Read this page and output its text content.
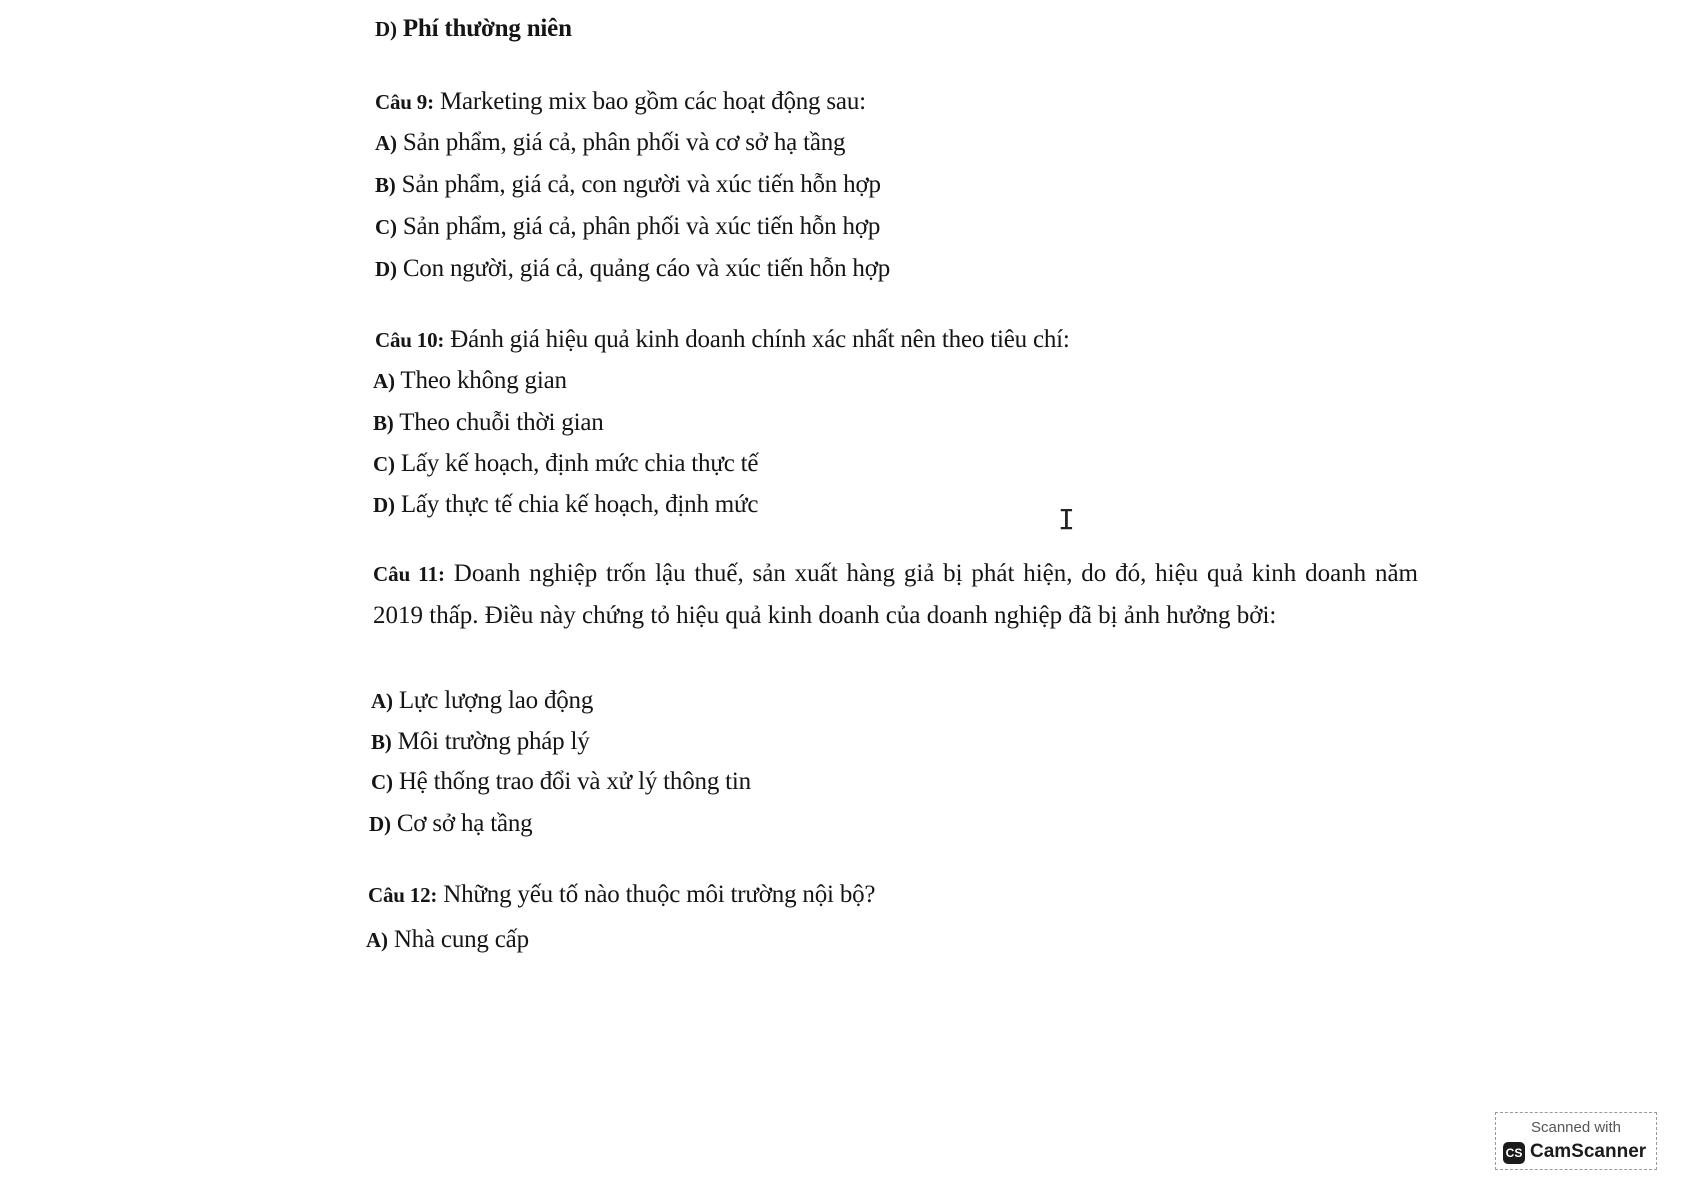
D) Phí thường niên
Câu 9: Marketing mix bao gồm các hoạt động sau:
A) Sản phẩm, giá cả, phân phối và cơ sở hạ tầng
B) Sản phẩm, giá cả, con người và xúc tiến hỗn hợp
C) Sản phẩm, giá cả, phân phối và xúc tiến hỗn hợp
D) Con người, giá cả, quảng cáo và xúc tiến hỗn hợp
Câu 10: Đánh giá hiệu quả kinh doanh chính xác nhất nên theo tiêu chí:
A) Theo không gian
B) Theo chuỗi thời gian
C) Lấy kế hoạch, định mức chia thực tế
D) Lấy thực tế chia kế hoạch, định mức
Câu 11: Doanh nghiệp trốn lậu thuế, sản xuất hàng giả bị phát hiện, do đó, hiệu quả kinh doanh năm 2019 thấp. Điều này chứng tỏ hiệu quả kinh doanh của doanh nghiệp đã bị ảnh hưởng bởi:
A) Lực lượng lao động
B) Môi trường pháp lý
C) Hệ thống trao đổi và xử lý thông tin
D) Cơ sở hạ tầng
Câu 12: Những yếu tố nào thuộc môi trường nội bộ?
A) Nhà cung cấp
I
Scanned with
CS CamScanner
